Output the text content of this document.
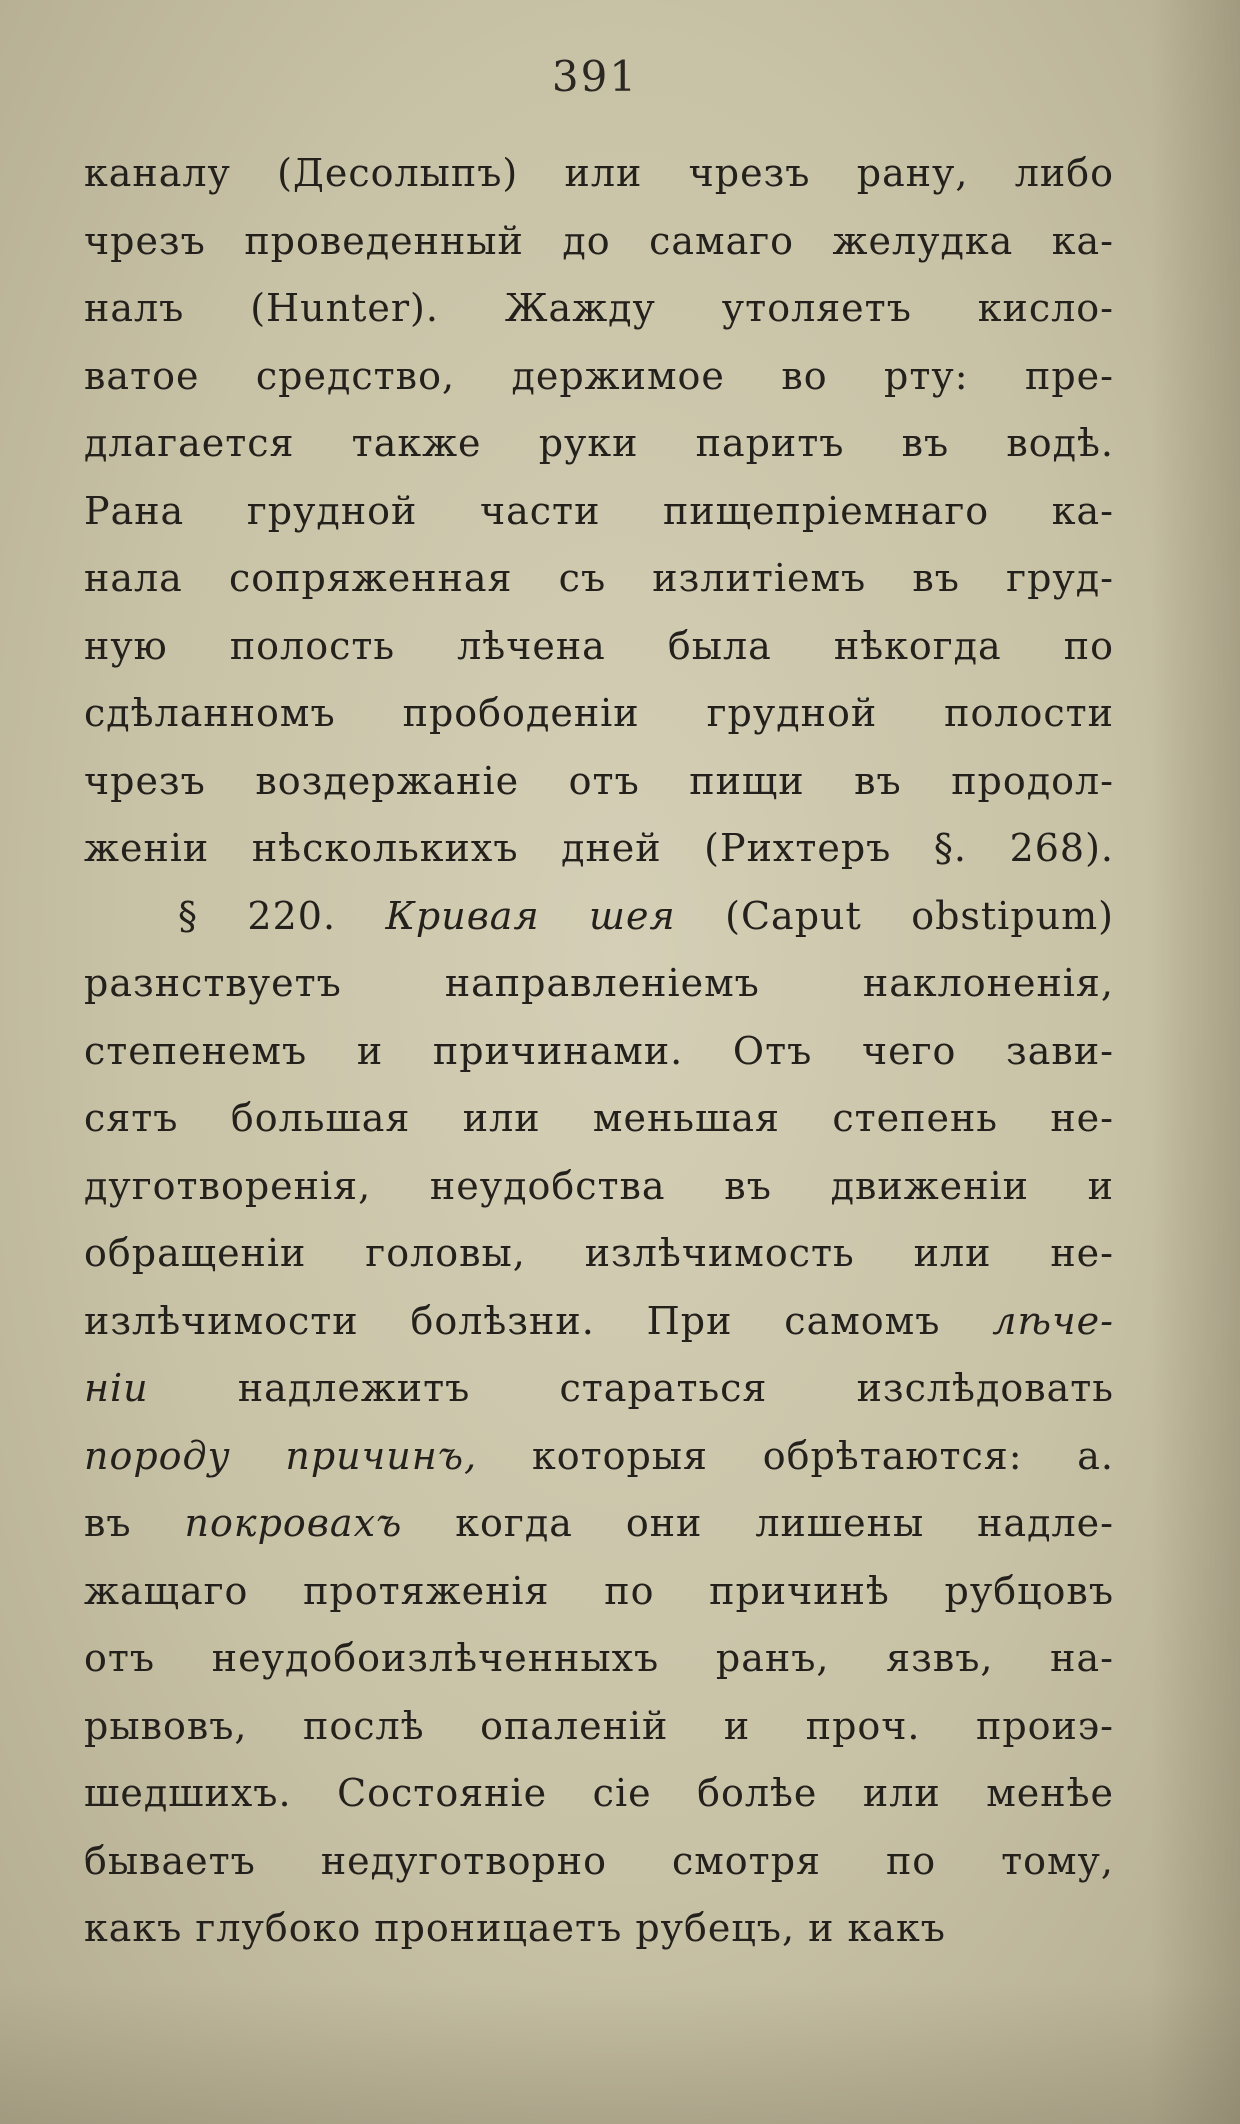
391
каналу (Десолыпъ) или чрезъ рану, либо
чрезъ проведенный до самаго желудка ка-
налъ (Hunter). Жажду утоляетъ кисло-
ватое средство, держимое во рту: пре-
длагается также руки паритъ въ водѣ.
Рана грудной части пищепріемнаго ка-
нала сопряженная съ излитіемъ въ груд-
ную полость лѣчена была нѣкогда по
сдѣланномъ прободеніи грудной полости
чрезъ воздержаніе отъ пищи въ продол-
женіи нѣсколькихъ дней (Рихтеръ §. 268).
§ 220. Кривая шея (Caput obstipum)
разнствуетъ направленіемъ наклоненія,
степенемъ и причинами. Отъ чего зави-
сятъ большая или меньшая степень не-
дуготворенія, неудобства въ движеніи и
обращеніи головы, излѣчимость или не-
излѣчимости болѣзни. При самомъ лѣче-
ніи надлежитъ стараться изслѣдовать
породу причинъ, которыя обрѣтаются: а.
въ покровахъ когда они лишены надле-
жащаго протяженія по причинѣ рубцовъ
отъ неудобоизлѣченныхъ ранъ, язвъ, на-
рывовъ, послѣ опаленій и проч. проиэ-
шедшихъ. Состояніе сіе болѣе или менѣе
бываетъ недуготворно смотря по тому,
какъ глубоко проницаетъ рубецъ, и какъ
